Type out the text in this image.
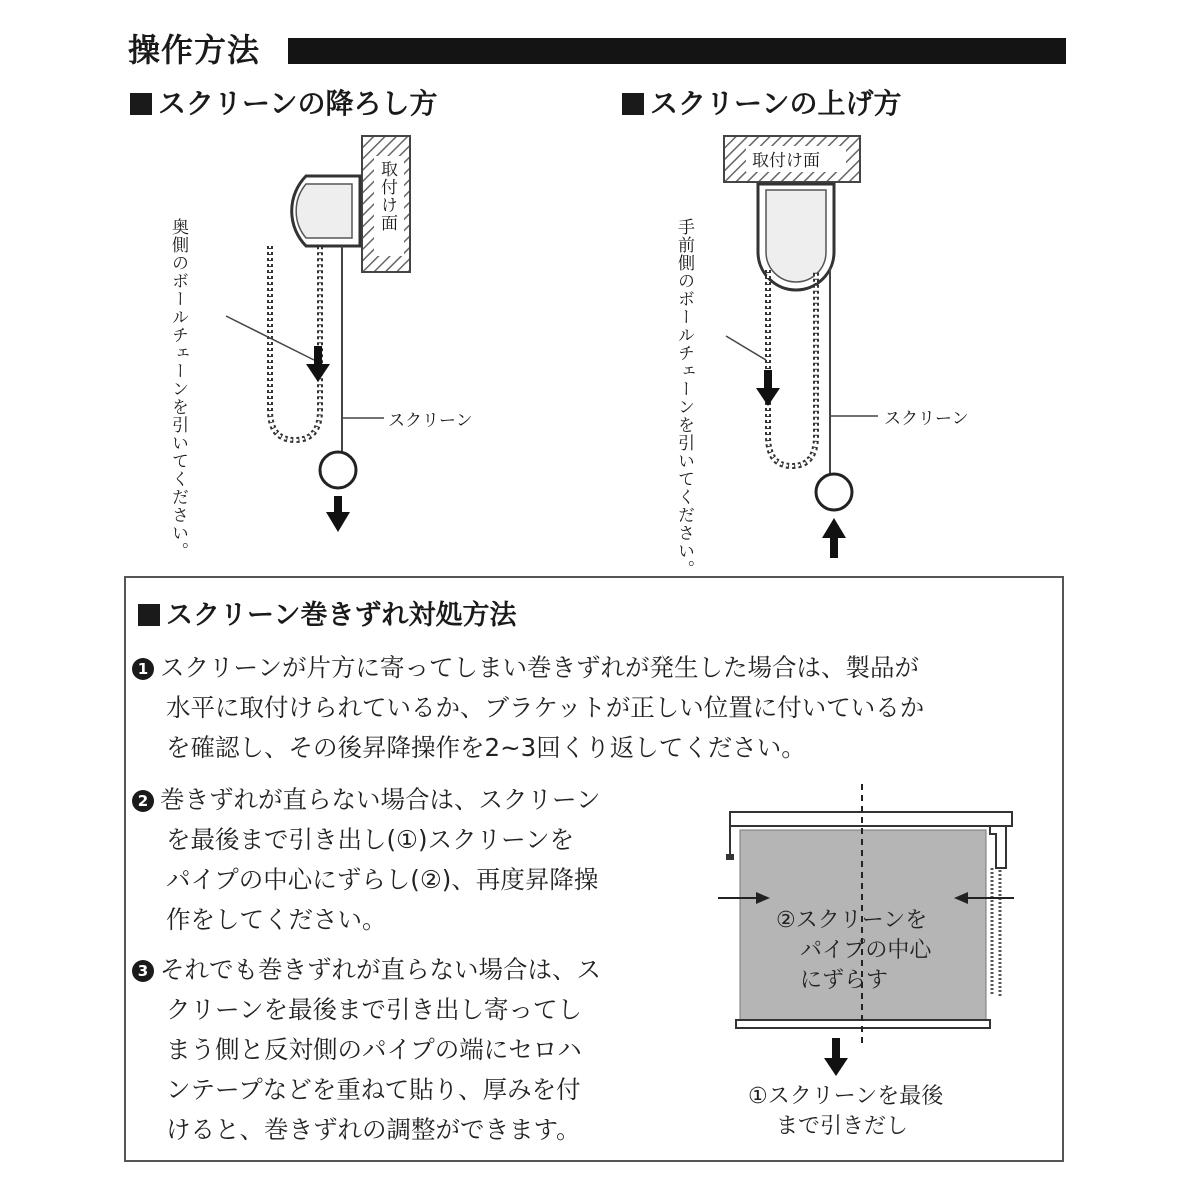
操作方法
スクリーンの降ろし方	スクリーンの上げ方
取付け面
奥側のボールチェーンを引いてください。	スクリーン
取付け面
手前側のボールチェーンを引いてください。	スクリーン
スクリーン巻きずれ対処方法
1 スクリーンが片方に寄ってしまい巻きずれが発生した場合は、製品が
水平に取付けられているか、ブラケットが正しい位置に付いているか
を確認し、その後昇降操作を2~3回くり返してください。
2 巻きずれが直らない場合は、スクリーン
を最後まで引き出し(①)スクリーンを
パイプの中心にずらし(②)、再度昇降操
作をしてください。
3 それでも巻きずれが直らない場合は、ス
クリーンを最後まで引き出し寄ってし
まう側と反対側のパイプの端にセロハ
ンテープなどを重ねて貼り、厚みを付
けると、巻きずれの調整ができます。
②スクリーンを
パイプの中心
にずらす
①スクリーンを最後
まで引きだし
